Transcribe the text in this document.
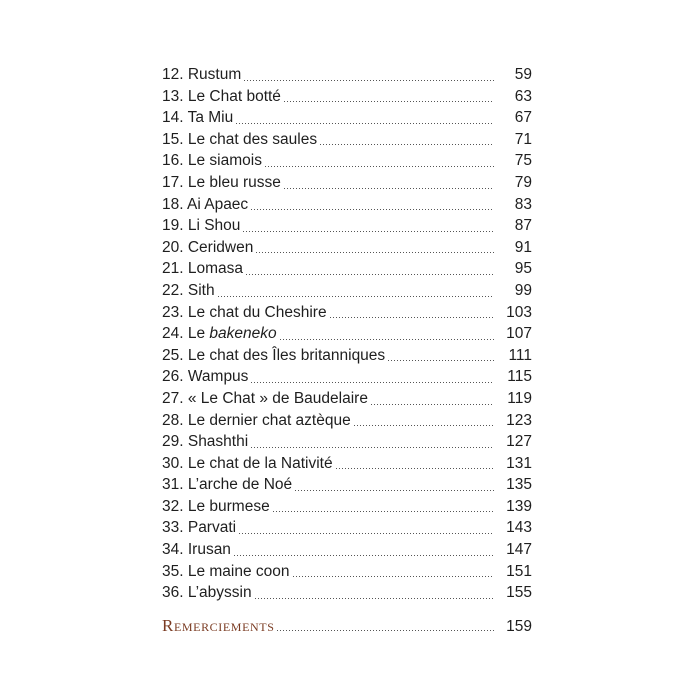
12. Rustum	59
13. Le Chat botté	63
14. Ta Miu	67
15. Le chat des saules	71
16. Le siamois	75
17. Le bleu russe	79
18. Ai Apaec	83
19. Li Shou	87
20. Ceridwen	91
21. Lomasa	95
22. Sith	99
23. Le chat du Cheshire	103
24. Le bakeneko	107
25. Le chat des Îles britanniques	111
26. Wampus	115
27. « Le Chat » de Baudelaire	119
28. Le dernier chat aztèque	123
29. Shashthi	127
30. Le chat de la Nativité	131
31. L’arche de Noé	135
32. Le burmese	139
33. Parvati	143
34. Irusan	147
35. Le maine coon	151
36. L’abyssin	155
Remerciements	159
